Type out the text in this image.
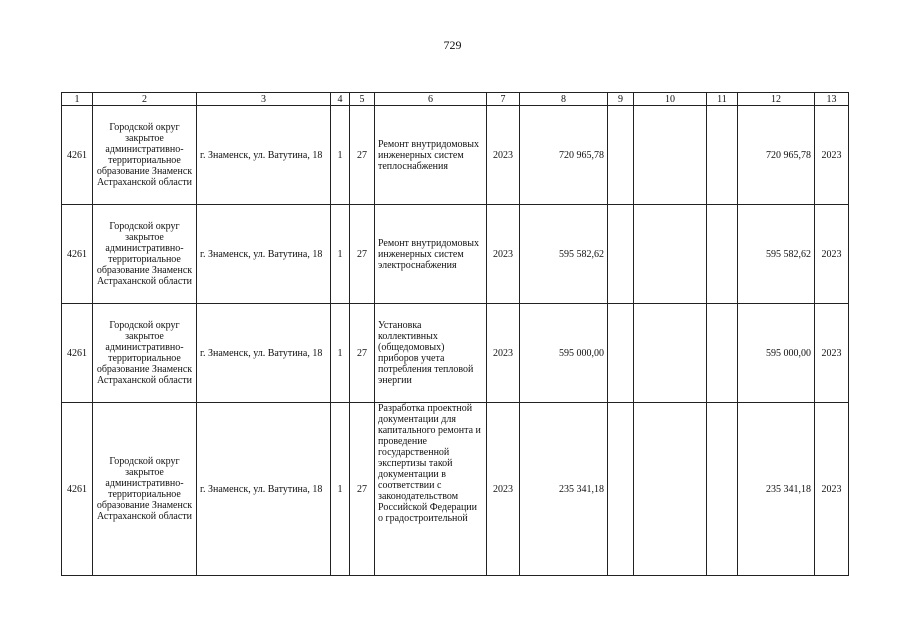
729
1	2	3	4	5	6	7	8	9	10	11	12	13
4261	Городской округ закрытое административно-территориальное образование Знаменск Астраханской области	г. Знаменск, ул. Ватутина, 18	1	27	Ремонт внутридомовых инженерных систем теплоснабжения	2023	720 965,78				720 965,78	2023
4261	Городской округ закрытое административно-территориальное образование Знаменск Астраханской области	г. Знаменск, ул. Ватутина, 18	1	27	Ремонт внутридомовых инженерных систем электроснабжения	2023	595 582,62				595 582,62	2023
4261	Городской округ закрытое административно-территориальное образование Знаменск Астраханской области	г. Знаменск, ул. Ватутина, 18	1	27	Установка коллективных (общедомовых) приборов учета потребления тепловой энергии	2023	595 000,00				595 000,00	2023
4261	Городской округ закрытое административно-территориальное образование Знаменск Астраханской области	г. Знаменск, ул. Ватутина, 18	1	27	Разработка проектной документации для капитального ремонта и проведение государственной экспертизы такой документации в соответствии с законодательством Российской Федерации о градостроительной	2023	235 341,18				235 341,18	2023
